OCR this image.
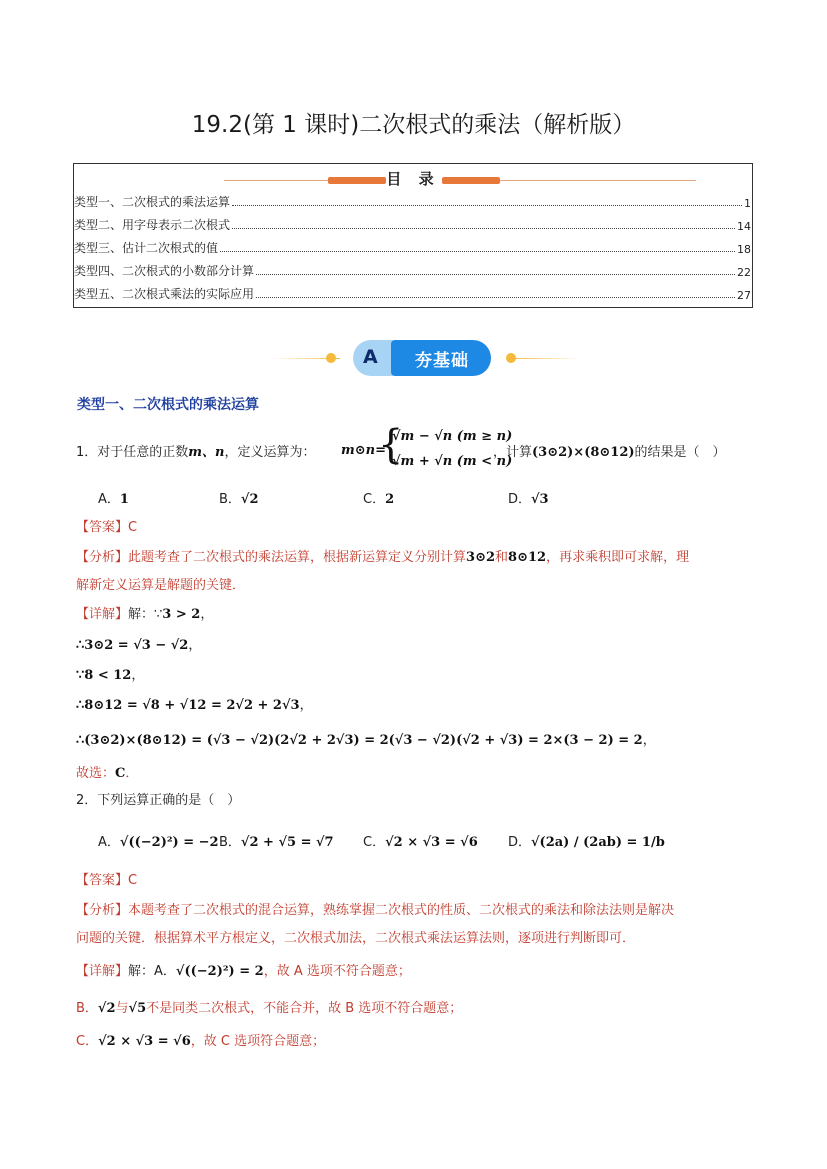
19.2(第 1 课时)二次根式的乘法（解析版）
目 录
类型一、二次根式的乘法运算	1
类型二、用字母表示二次根式	14
类型三、估计二次根式的值	18
类型四、二次根式的小数部分计算	22
类型五、二次根式乘法的实际应用	27
A	夯基础
类型一、二次根式的乘法运算
1．对于任意的正数m、n，定义运算为： m⊙n=
{
√m − √n (m ≥ n)
√m + √n (m < n)
，计算(3⊙2)×(8⊙12)的结果是（　）
A．1	B．√2	C．2	D．√3
【答案】C
【分析】此题考查了二次根式的乘法运算，根据新运算定义分别计算3⊙2和8⊙12，再求乘积即可求解，理
解新定义运算是解题的关键．
【详解】解：∵3 > 2，
∴3⊙2 = √3 − √2，
∵8 < 12，
∴8⊙12 = √8 + √12 = 2√2 + 2√3，
∴(3⊙2)×(8⊙12) = (√3 − √2)(2√2 + 2√3) = 2(√3 − √2)(√2 + √3) = 2×(3 − 2) = 2，
故选：C．
2．下列运算正确的是（　）
A．√((−2)²) = −2 B．√2 + √5 = √7 C．√2 × √3 = √6 D．√(2a) / (2ab) = 1/b
【答案】C
【分析】本题考查了二次根式的混合运算，熟练掌握二次根式的性质、二次根式的乘法和除法法则是解决
问题的关键．根据算术平方根定义，二次根式加法，二次根式乘法运算法则，逐项进行判断即可．
【详解】解：A．√((−2)²) = 2，故 A 选项不符合题意；
B．√2与√5不是同类二次根式，不能合并，故 B 选项不符合题意；
C．√2 × √3 = √6，故 C 选项符合题意；
